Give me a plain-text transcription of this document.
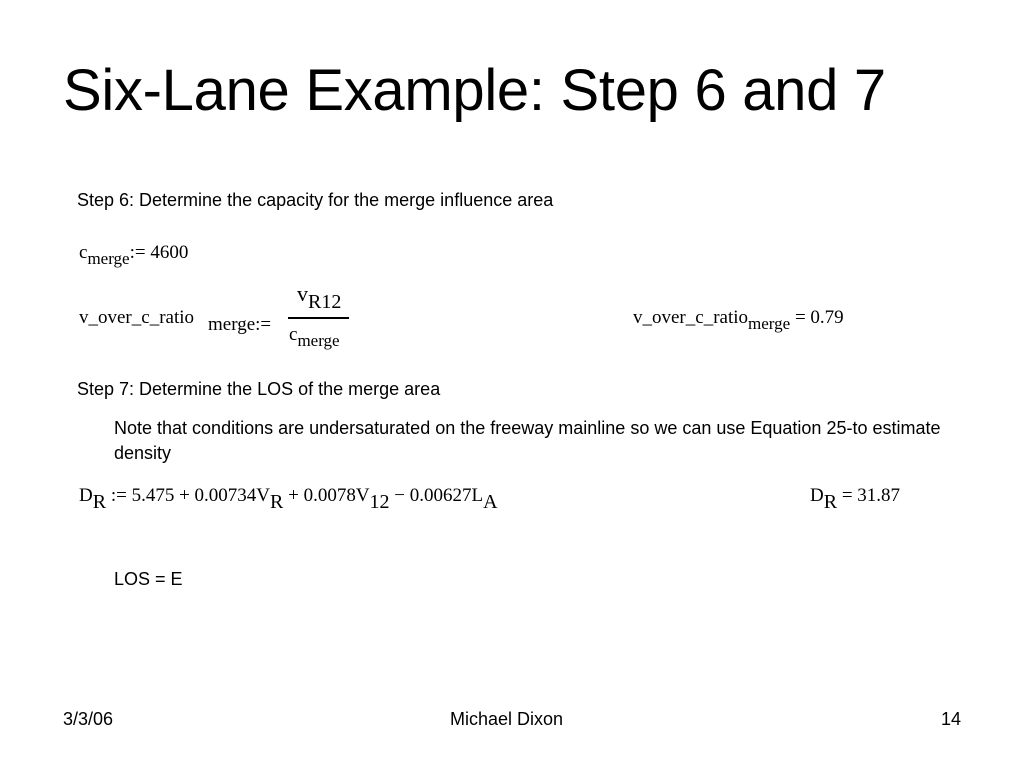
Six-Lane Example: Step 6 and 7
Step 6: Determine the capacity for the merge influence area
cmerge:= 4600
v_over_c_ratio merge:=
vR12
cmerge
v_over_c_ratiomerge = 0.79
Step 7: Determine the LOS of the merge area
Note that conditions are undersaturated on the freeway mainline so we can use Equation 25-to estimate density
DR := 5.475 + 0.00734VR + 0.0078V12 − 0.00627LA	DR = 31.87
LOS = E
3/3/06	Michael Dixon	14
